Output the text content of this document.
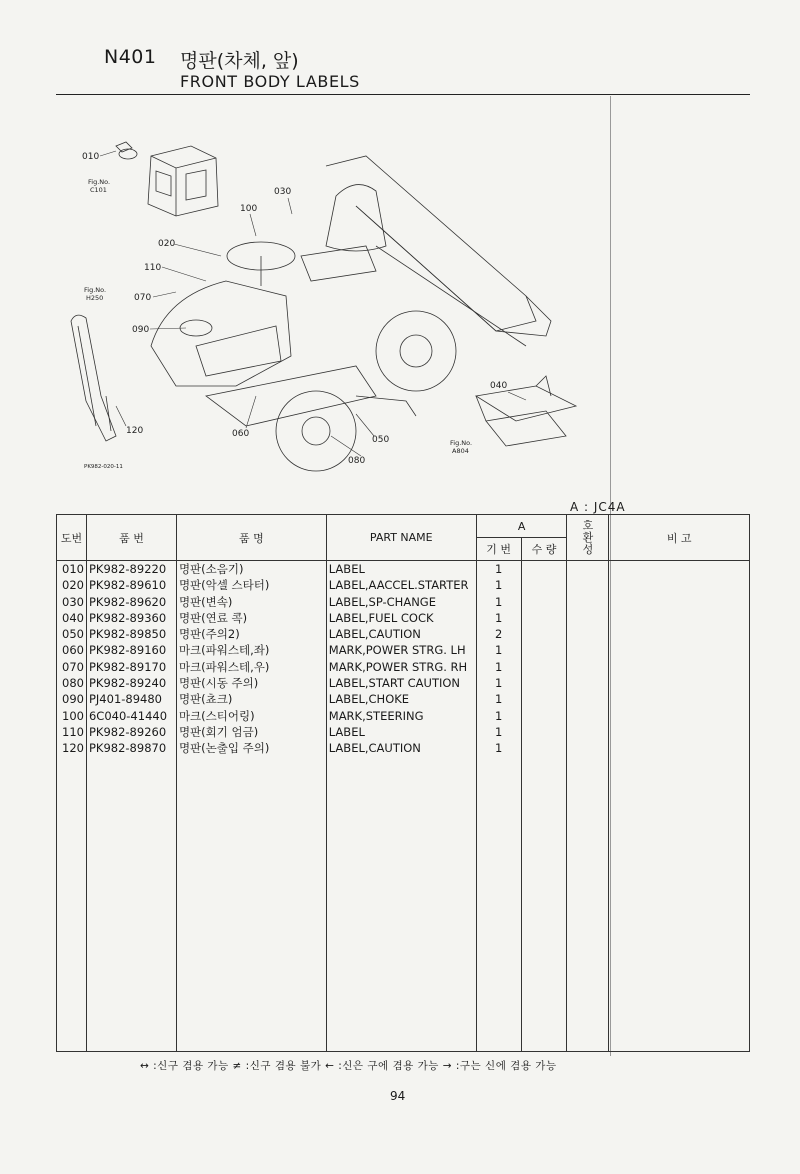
N401 명판(차체, 앞)
FRONT BODY LABELS
010
020
030
040
050
060
070
080
090
100
110
120
Fig.No.
C101
Fig.No.
H250
Fig.No.
A804
PK982-020-11
A : JC4A
도번	품 번	품 명	PART NAME	A		호
환
성	비 고
				기 번	수 량		
010	PK982-89220	명판(소음기)	LABEL	1			
020	PK982-89610	명판(악셀 스타터)	LABEL,AACCEL.STARTER	1			
030	PK982-89620	명판(변속)	LABEL,SP-CHANGE	1			
040	PK982-89360	명판(연료 콕)	LABEL,FUEL COCK	1			
050	PK982-89850	명판(주의2)	LABEL,CAUTION	2			
060	PK982-89160	마크(파워스테,좌)	MARK,POWER STRG. LH	1			
070	PK982-89170	마크(파워스테,우)	MARK,POWER STRG. RH	1			
080	PK982-89240	명판(시동 주의)	LABEL,START CAUTION	1			
090	PJ401-89480	명판(쵸크)	LABEL,CHOKE	1			
100	6C040-41440	마크(스티어링)	MARK,STEERING	1			
110	PK982-89260	명판(회기 엄금)	LABEL	1			
120	PK982-89870	명판(논출입 주의)	LABEL,CAUTION	1			

↔ :신구 겸용 가능 ≠ :신구 겸용 불가 ← :신은 구에 겸용 가능 → :구는 신에 겸용 가능
94
